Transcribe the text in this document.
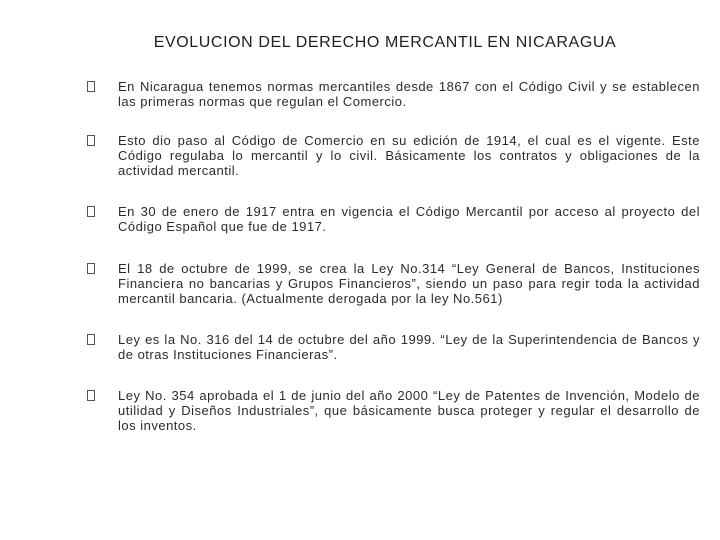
EVOLUCION DEL DERECHO MERCANTIL EN NICARAGUA
En Nicaragua tenemos normas mercantiles desde 1867 con el Código Civil y se establecen las primeras normas que regulan el Comercio.
Esto dio paso al Código de Comercio en su edición de 1914, el cual es el vigente. Este Código regulaba lo mercantil y lo civil. Básicamente los contratos y obligaciones de la actividad mercantil.
En 30 de enero de 1917 entra en vigencia el Código Mercantil por acceso al proyecto del Código Español que fue de 1917.
El 18 de octubre de 1999, se crea la Ley No.314 “Ley General de Bancos, Instituciones Financiera no bancarias y Grupos Financieros”, siendo un paso para regir toda la actividad mercantil bancaria. (Actualmente derogada por la ley No.561)
Ley es la No. 316 del 14 de octubre del año 1999. “Ley de la Superintendencia de Bancos y de otras Instituciones Financieras”.
Ley No. 354 aprobada el 1 de junio del año 2000 “Ley de Patentes de Invención, Modelo de utilidad y Diseños Industriales”, que básicamente busca proteger y regular el desarrollo de los inventos.
